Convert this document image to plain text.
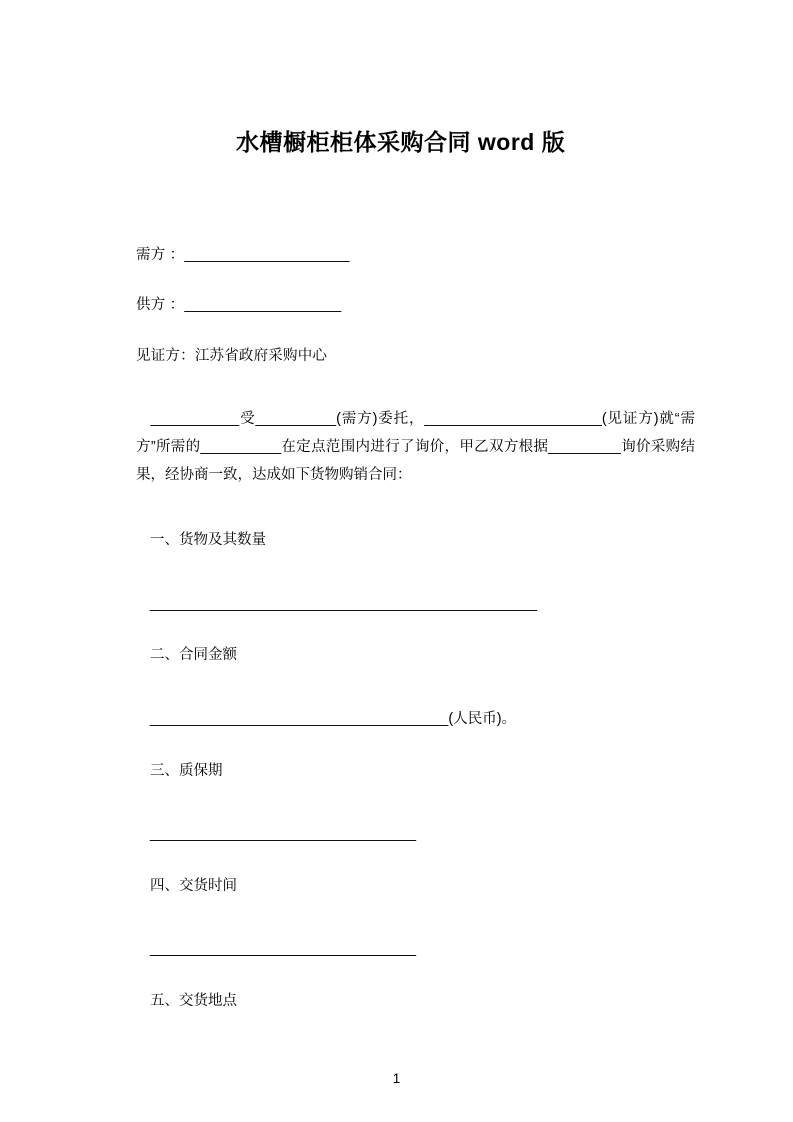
水槽橱柜柜体采购合同 word 版

需方 ：____________________

供方 ：___________________

见证方：江苏省政府采购中心

　___________受__________(需方)委托，______________________(见证方)就“需方”所需的__________在定点范围内进行了询价，甲乙双方根据_________询价采购结果，经协商一致，达成如下货物购销合同：

一、货物及其数量

________________________________________________

二、合同金额

_____________________________________(人民币)。

三、质保期

_________________________________

四、交货时间

_________________________________

五、交货地点

1
